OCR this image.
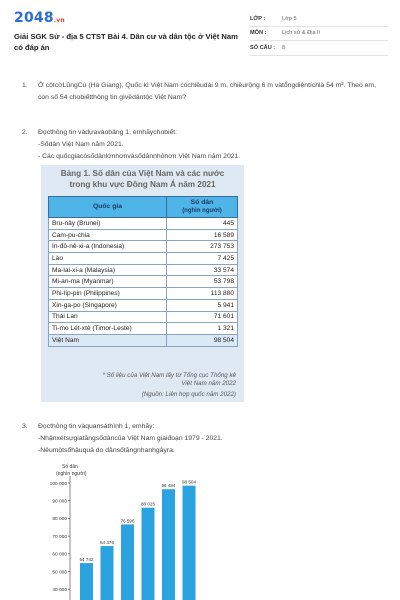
2048.vn
Giải SGK Sử - địa 5 CTST Bài 4. Dân cư và dân tộc ở Việt Nam có đáp án
LỚP :	Lớp 5
MÔN :	Lịch sử & Địa lí
SỐ CÂU :	8
1.	Ở cộtcờLũngCú (Hà Giang), Quốc kì Việt Nam cóchiềudài 9 m, chiềurộng 6 m vàtổngdiệntíchlà 54 m². Theo em, con số 54 chobiếtthông tin gìvềdântộc Việt Nam?
2.	Đọcthông tin vàdựavàobảng 1, emhãychobiết:
-Sốdân Việt Nam năm 2021.
- Các quốcgiacósốdânlớnhơnvàsốdânnhỏhơn Việt Nam năm 2021.
Bảng 1. Số dân của Việt Nam và các nước
trong khu vực Đông Nam Á năm 2021
Quốc gia	Số dân
(nghìn người)

Bru-nây (Brunei)	445
Cam-pu-chia	16 589
In-đô-nê-xi-a (Indonesia)	273 753
Lào	7 425
Ma-lai-xi-a (Malaysia)	33 574
Mi-an-ma (Myanmar)	53 798
Phi-líp-pin (Philippines)	113 880
Xin-ga-po (Singapore)	5 941
Thái Lan	71 601
Ti-mo Lét-xtê (Timor-Leste)	1 321
Việt Nam	98 504
* Số liệu của Việt Nam lấy từ Tổng cục Thống kê
Việt Nam năm 2022
(Nguồn: Liên hợp quốc năm 2022)
3.	Đọcthông tin vàquansáthình 1, emhãy:
-Nhậnxétsựgiatăngsốdâncủa Việt Nam giaiđoạn 1979 - 2021.
-Nêumộtsốhậuquả do dânsốtăngnhanhgâyra.
Số dân
(nghìn người)
100 000
90 000
80 000
70 000
60 000
50 000
40 000
54 742
64 376
76 596
86 025
96 484
98 504
